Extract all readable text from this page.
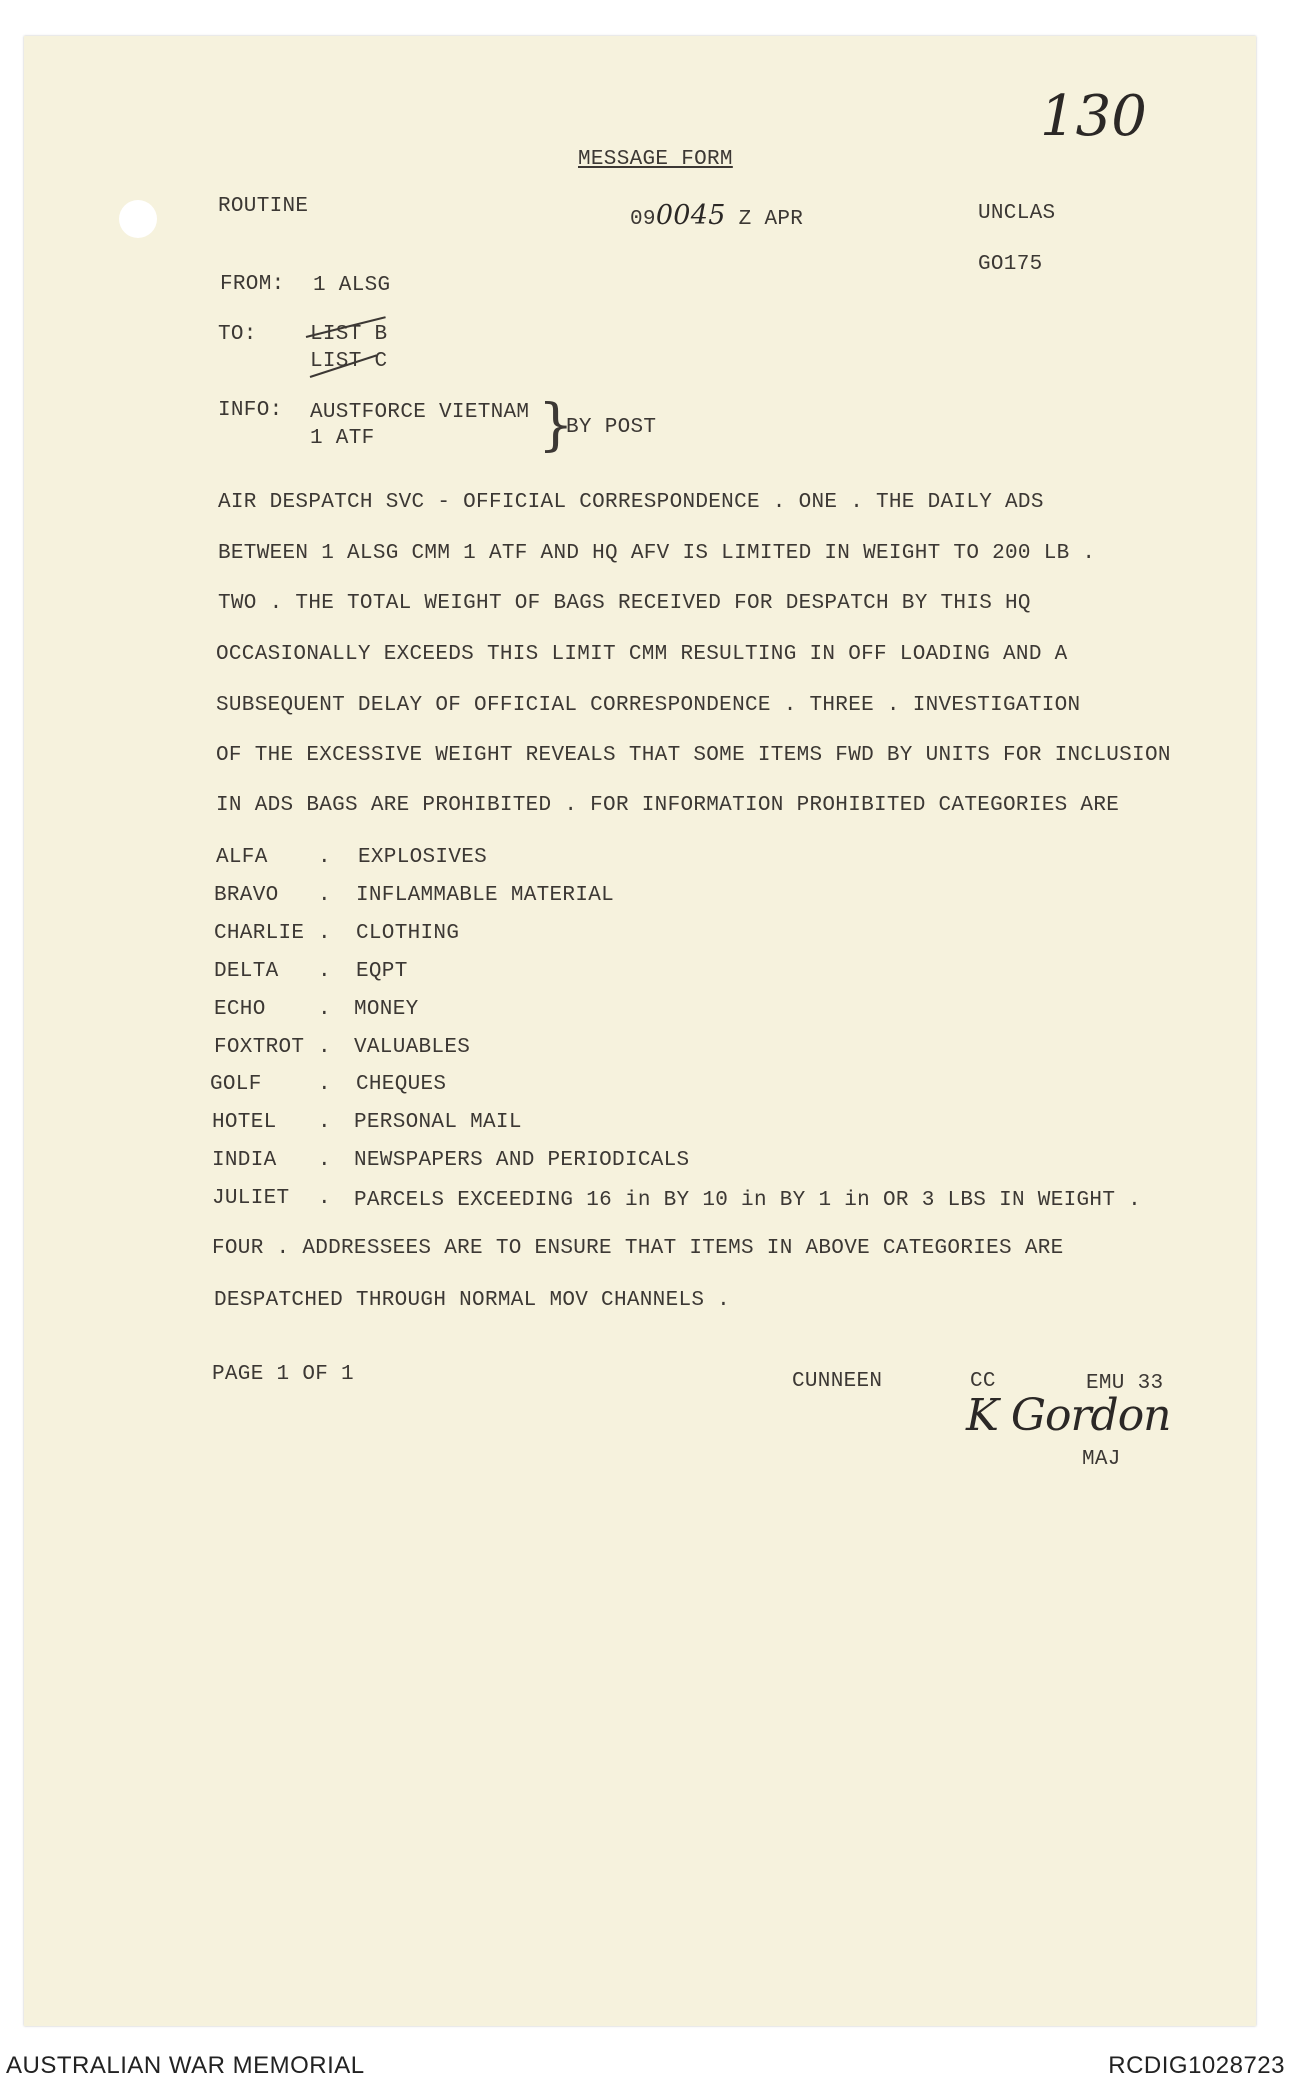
130
MESSAGE FORM
ROUTINE
090045 Z APR	UNCLAS
GO175
FROM: 1 ALSG
TO:	LIST B
LIST C
INFO: AUSTFORCE VIETNAM
1 ATF	}
BY POST
AIR DESPATCH SVC - OFFICIAL CORRESPONDENCE . ONE . THE DAILY ADS
BETWEEN 1 ALSG CMM 1 ATF AND HQ AFV IS LIMITED IN WEIGHT TO 200 LB .
TWO . THE TOTAL WEIGHT OF BAGS RECEIVED FOR DESPATCH BY THIS HQ
OCCASIONALLY EXCEEDS THIS LIMIT CMM RESULTING IN OFF LOADING AND A
SUBSEQUENT DELAY OF OFFICIAL CORRESPONDENCE . THREE . INVESTIGATION
OF THE EXCESSIVE WEIGHT REVEALS THAT SOME ITEMS FWD BY UNITS FOR INCLUSION
IN ADS BAGS ARE PROHIBITED . FOR INFORMATION PROHIBITED CATEGORIES ARE
ALFA . EXPLOSIVES
BRAVO . INFLAMMABLE MATERIAL
CHARLIE . CLOTHING
DELTA . EQPT
ECHO . MONEY
FOXTROT . VALUABLES
GOLF	. CHEQUES
HOTEL . PERSONAL MAIL
INDIA . NEWSPAPERS AND PERIODICALS
JULIET . PARCELS EXCEEDING 16 in BY 10 in BY 1 in OR 3 LBS IN WEIGHT .
FOUR . ADDRESSEES ARE TO ENSURE THAT ITEMS IN ABOVE CATEGORIES ARE
DESPATCHED THROUGH NORMAL MOV CHANNELS .
PAGE 1 OF 1	CUNNEEN	CC	EMU 33
K Gordon
MAJ
AUSTRALIAN WAR MEMORIAL	RCDIG1028723
